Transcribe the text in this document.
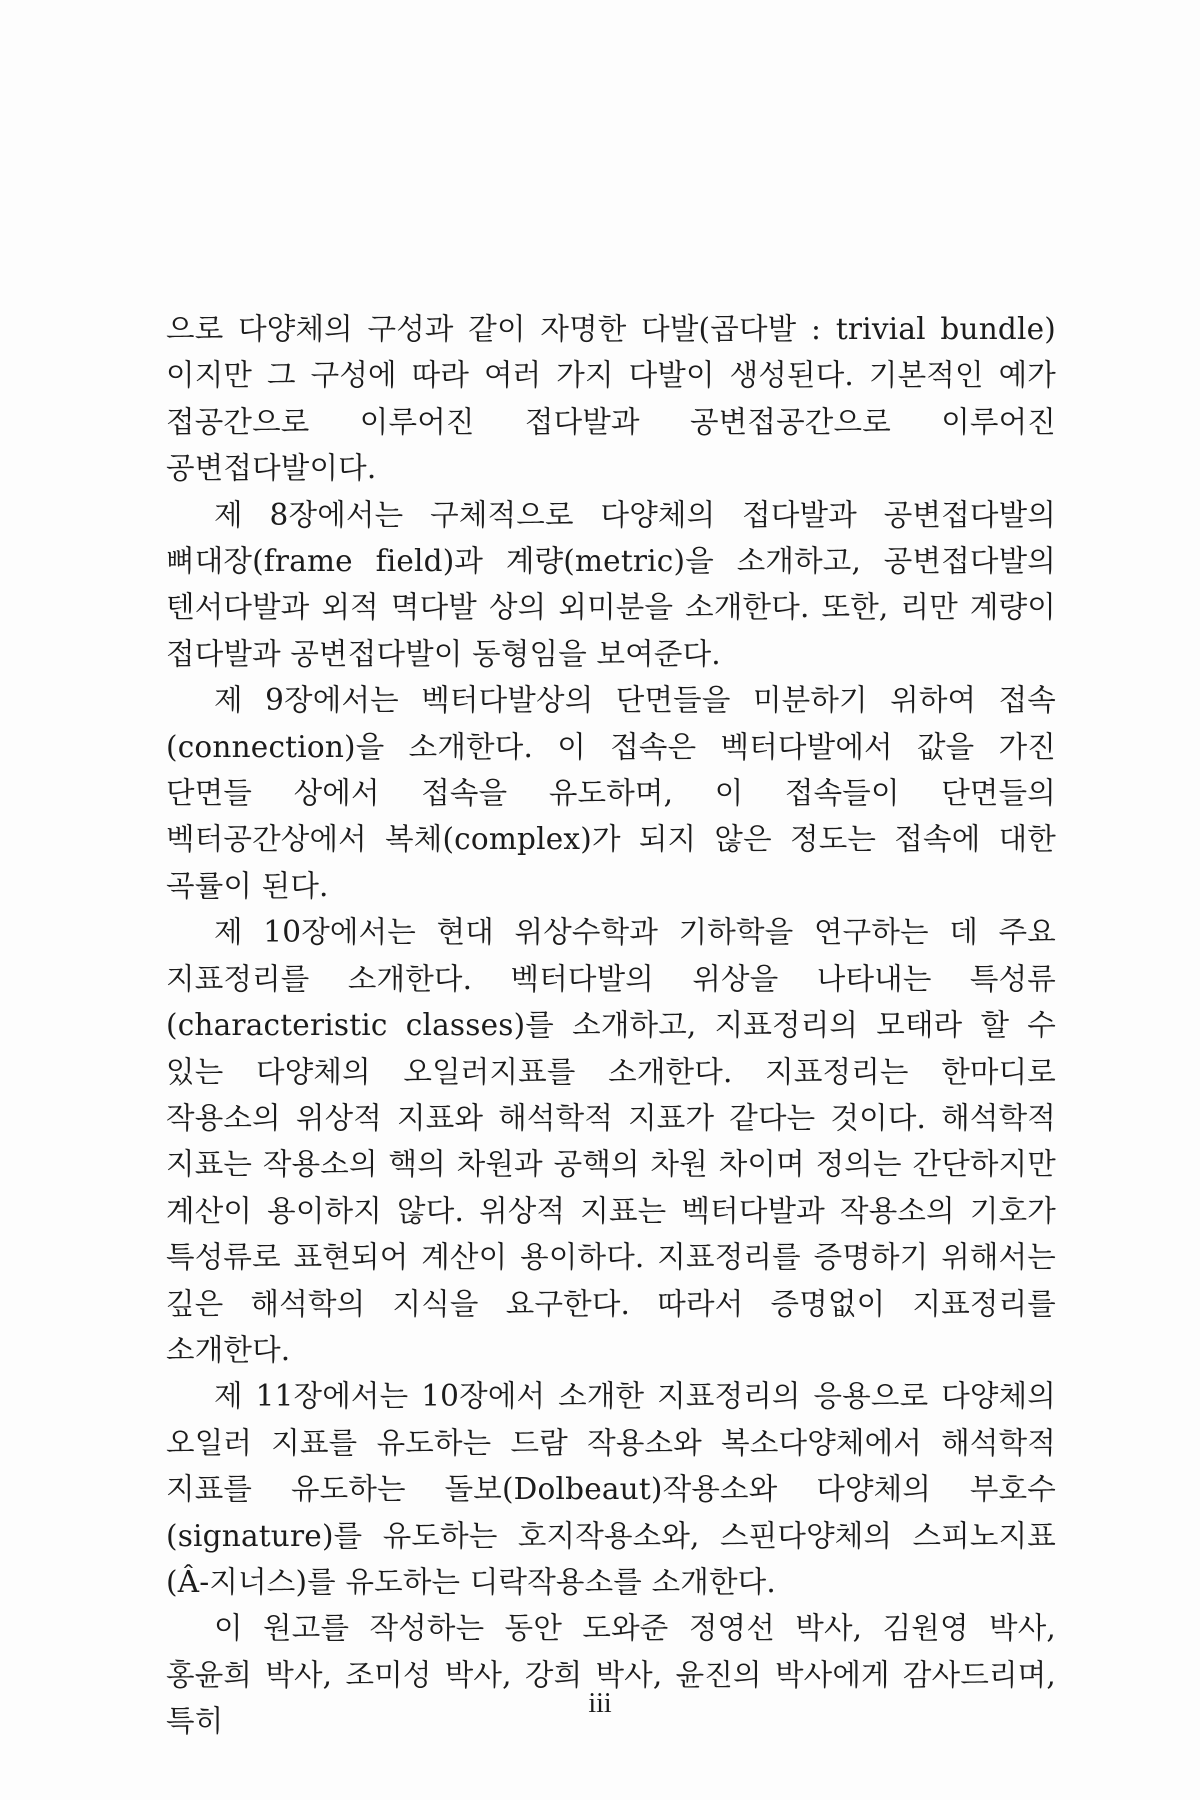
으로 다양체의 구성과 같이 자명한 다발(곱다발 : trivial bundle) 이지만 그 구성에 따라 여러 가지 다발이 생성된다. 기본적인 예가 접공간으로 이루어진 접다발과 공변접공간으로 이루어진 공변접다발이다.

제 8장에서는 구체적으로 다양체의 접다발과 공변접다발의 뼈대장(frame field)과 계량(metric)을 소개하고, 공변접다발의 텐서다발과 외적 멱다발 상의 외미분을 소개한다. 또한, 리만 계량이 접다발과 공변접다발이 동형임을 보여준다.

제 9장에서는 벡터다발상의 단면들을 미분하기 위하여 접속(connection)을 소개한다. 이 접속은 벡터다발에서 값을 가진 단면들 상에서 접속을 유도하며, 이 접속들이 단면들의 벡터공간상에서 복체(complex)가 되지 않은 정도는 접속에 대한 곡률이 된다.

제 10장에서는 현대 위상수학과 기하학을 연구하는 데 주요 지표정리를 소개한다. 벡터다발의 위상을 나타내는 특성류(characteristic classes)를 소개하고, 지표정리의 모태라 할 수 있는 다양체의 오일러지표를 소개한다. 지표정리는 한마디로 작용소의 위상적 지표와 해석학적 지표가 같다는 것이다. 해석학적 지표는 작용소의 핵의 차원과 공핵의 차원 차이며 정의는 간단하지만 계산이 용이하지 않다. 위상적 지표는 벡터다발과 작용소의 기호가 특성류로 표현되어 계산이 용이하다. 지표정리를 증명하기 위해서는 깊은 해석학의 지식을 요구한다. 따라서 증명없이 지표정리를 소개한다.

제 11장에서는 10장에서 소개한 지표정리의 응용으로 다양체의 오일러 지표를 유도하는 드람 작용소와 복소다양체에서 해석학적 지표를 유도하는 돌보(Dolbeaut)작용소와 다양체의 부호수(signature)를 유도하는 호지작용소와, 스핀다양체의 스피노지표(Â-지너스)를 유도하는 디락작용소를 소개한다.

이 원고를 작성하는 동안 도와준 정영선 박사, 김원영 박사, 홍윤희 박사, 조미성 박사, 강희 박사, 윤진의 박사에게 감사드리며, 특히

iii
